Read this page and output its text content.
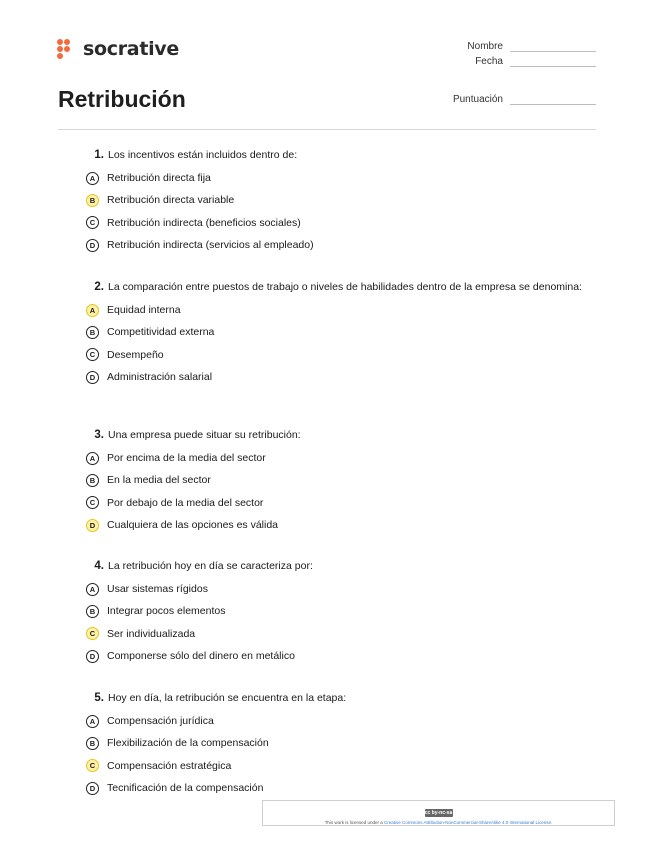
socrative	Nombre
Fecha
Puntuación
Retribución
1. Los incentivos están incluidos dentro de:
A	Retribución directa fija
B	Retribución directa variable
C	Retribución indirecta (beneficios sociales)
D	Retribución indirecta (servicios al empleado)
2. La comparación entre puestos de trabajo o niveles de habilidades dentro de la empresa se denomina:
A	Equidad interna
B	Competitividad externa
C	Desempeño
D	Administración salarial
3. Una empresa puede situar su retribución:
A	Por encima de la media del sector
B	En la media del sector
C	Por debajo de la media del sector
D	Cualquiera de las opciones es válida
4. La retribución hoy en día se caracteriza por:
A	Usar sistemas rígidos
B	Integrar pocos elementos
C	Ser individualizada
D	Componerse sólo del dinero en metálico
5. Hoy en día, la retribución se encuentra en la etapa:
A	Compensación jurídica
B	Flexibilización de la compensación
C	Compensación estratégica
D	Tecnificación de la compensación
cc by-nc-sa
This work is licensed under a Creative Commons Attribution-NonCommercial-ShareAlike 4.0 International License.
